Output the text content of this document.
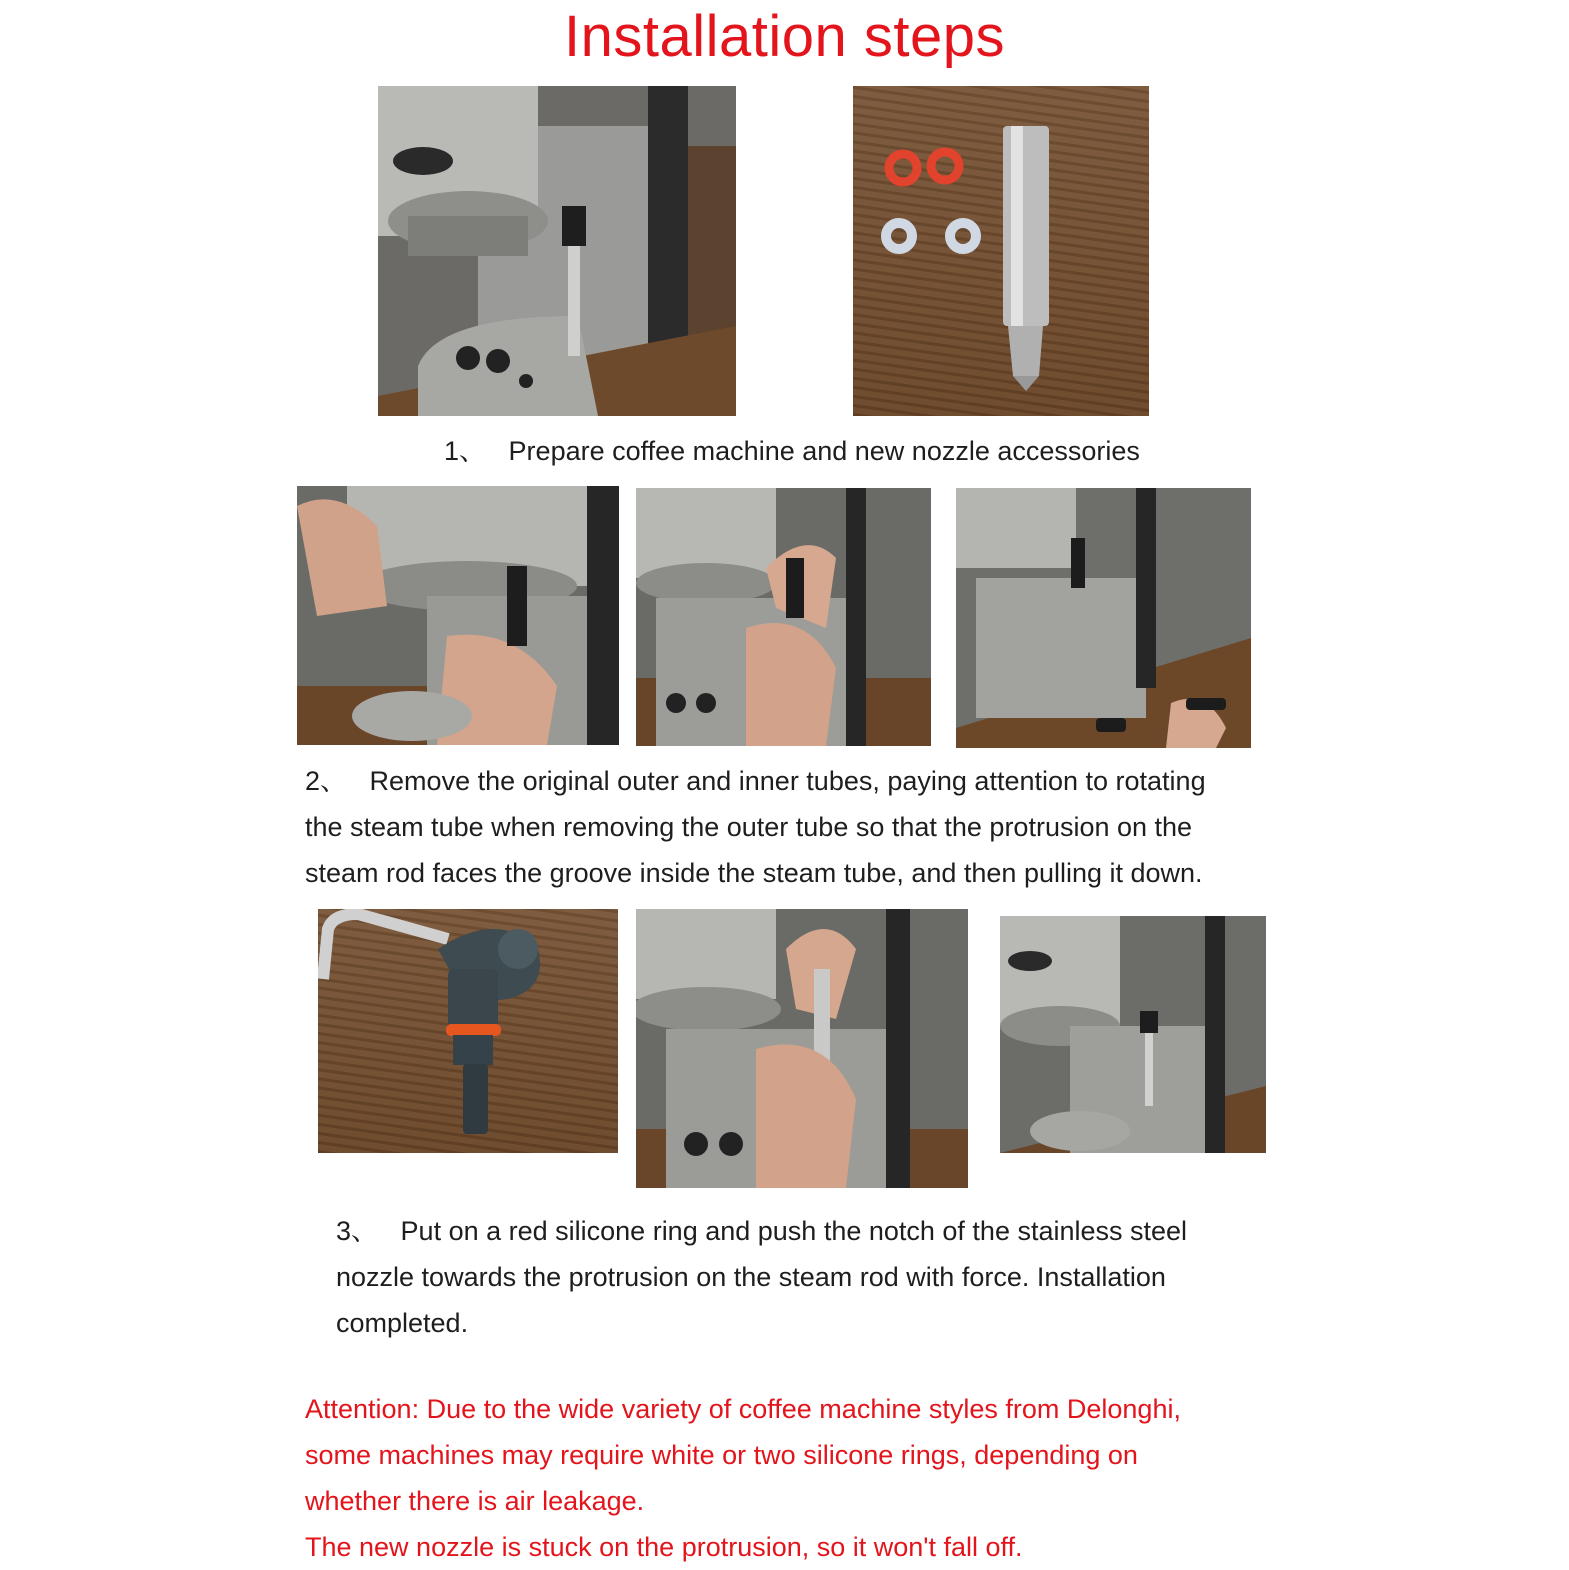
Installation steps
1、 Prepare coffee machine and new nozzle accessories
2、 Remove the original outer and inner tubes, paying attention to rotating
the steam tube when removing the outer tube so that the protrusion on the
steam rod faces the groove inside the steam tube, and then pulling it down.
3、 Put on a red silicone ring and push the notch of the stainless steel
nozzle towards the protrusion on the steam rod with force. Installation
completed.
Attention: Due to the wide variety of coffee machine styles from Delonghi,
some machines may require white or two silicone rings, depending on
whether there is air leakage.
The new nozzle is stuck on the protrusion, so it won't fall off.
